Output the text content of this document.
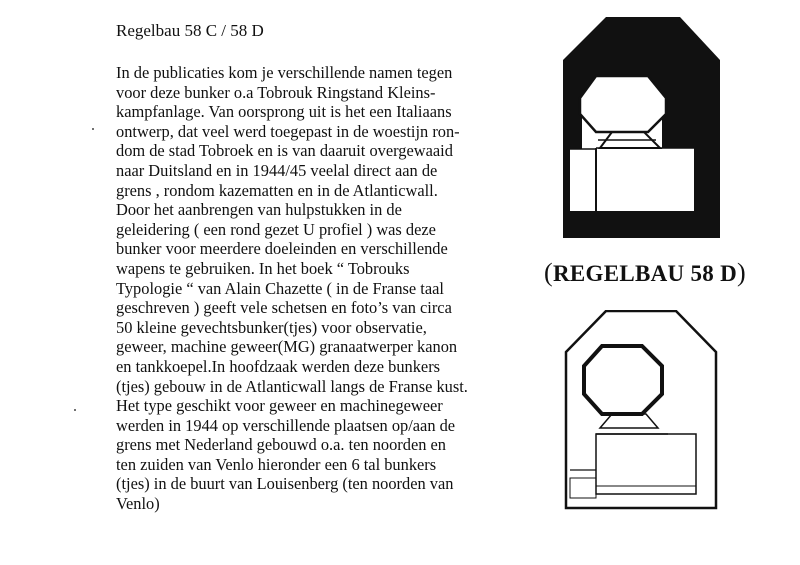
Regelbau 58 C / 58 D
In de publicaties kom je verschillende namen tegen
voor deze bunker o.a Tobrouk Ringstand Kleins-
kampfanlage. Van oorsprong uit is het een Italiaans
ontwerp, dat veel werd toegepast in de woestijn ron-
dom de stad Tobroek en is van daaruit overgewaaid
naar Duitsland en in 1944/45 veelal direct aan de
grens , rondom kazematten en in de Atlanticwall.
Door het aanbrengen van hulpstukken in de
geleidering ( een rond gezet U profiel ) was deze
bunker voor meerdere doeleinden en verschillende
wapens te gebruiken. In het boek “ Tobrouks
Typologie “ van Alain Chazette ( in de Franse taal
geschreven ) geeft vele schetsen en foto’s van circa
50 kleine gevechtsbunker(tjes) voor observatie,
geweer, machine geweer(MG) granaatwerper kanon
en tankkoepel.In hoofdzaak werden deze bunkers
(tjes) gebouw in de Atlanticwall langs de Franse kust.
Het type geschikt voor geweer en machinegeweer
werden in 1944 op verschillende plaatsen op/aan de
grens met Nederland gebouwd o.a. ten noorden en
ten zuiden van Venlo hieronder een 6 tal bunkers
(tjes) in de buurt van Louisenberg (ten noorden van
Venlo)
(REGELBAU 58 D)
